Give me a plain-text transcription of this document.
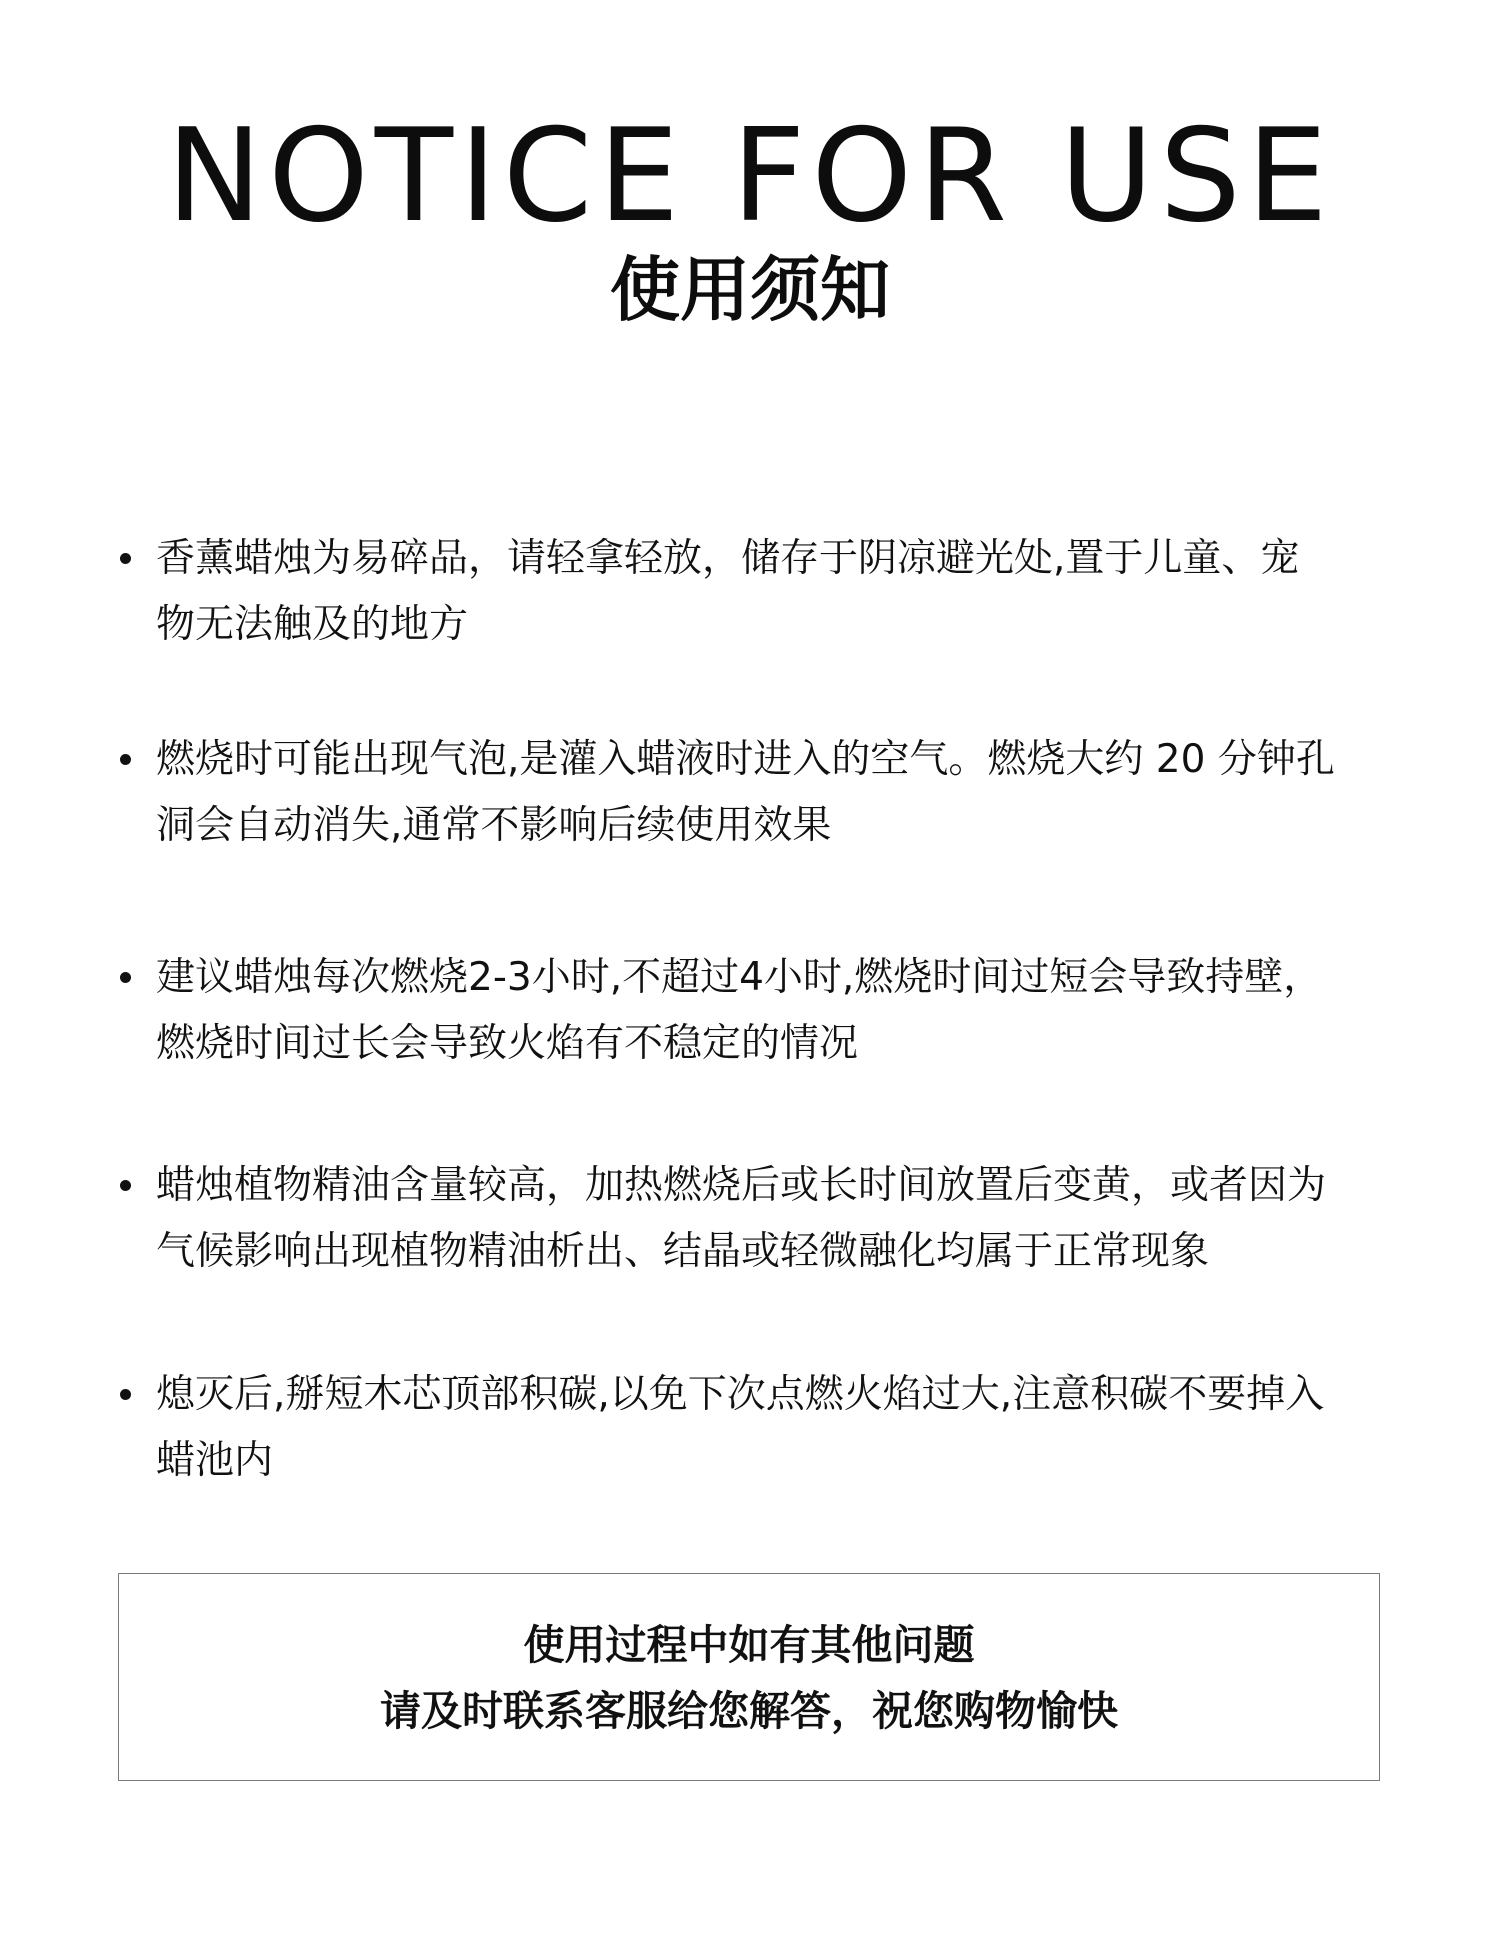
NOTICE FOR USE
使用须知
香薰蜡烛为易碎品，请轻拿轻放，储存于阴凉避光处,置于儿童、宠
物无法触及的地方
燃烧时可能出现气泡,是灌入蜡液时进入的空气。燃烧大约 20 分钟孔
洞会自动消失,通常不影响后续使用效果
建议蜡烛每次燃烧2-3小时,不超过4小时,燃烧时间过短会导致持壁，
燃烧时间过长会导致火焰有不稳定的情况
蜡烛植物精油含量较高，加热燃烧后或长时间放置后变黄，或者因为
气候影响出现植物精油析出、结晶或轻微融化均属于正常现象
熄灭后,掰短木芯顶部积碳,以免下次点燃火焰过大,注意积碳不要掉入
蜡池内
使用过程中如有其他问题
请及时联系客服给您解答，祝您购物愉快
